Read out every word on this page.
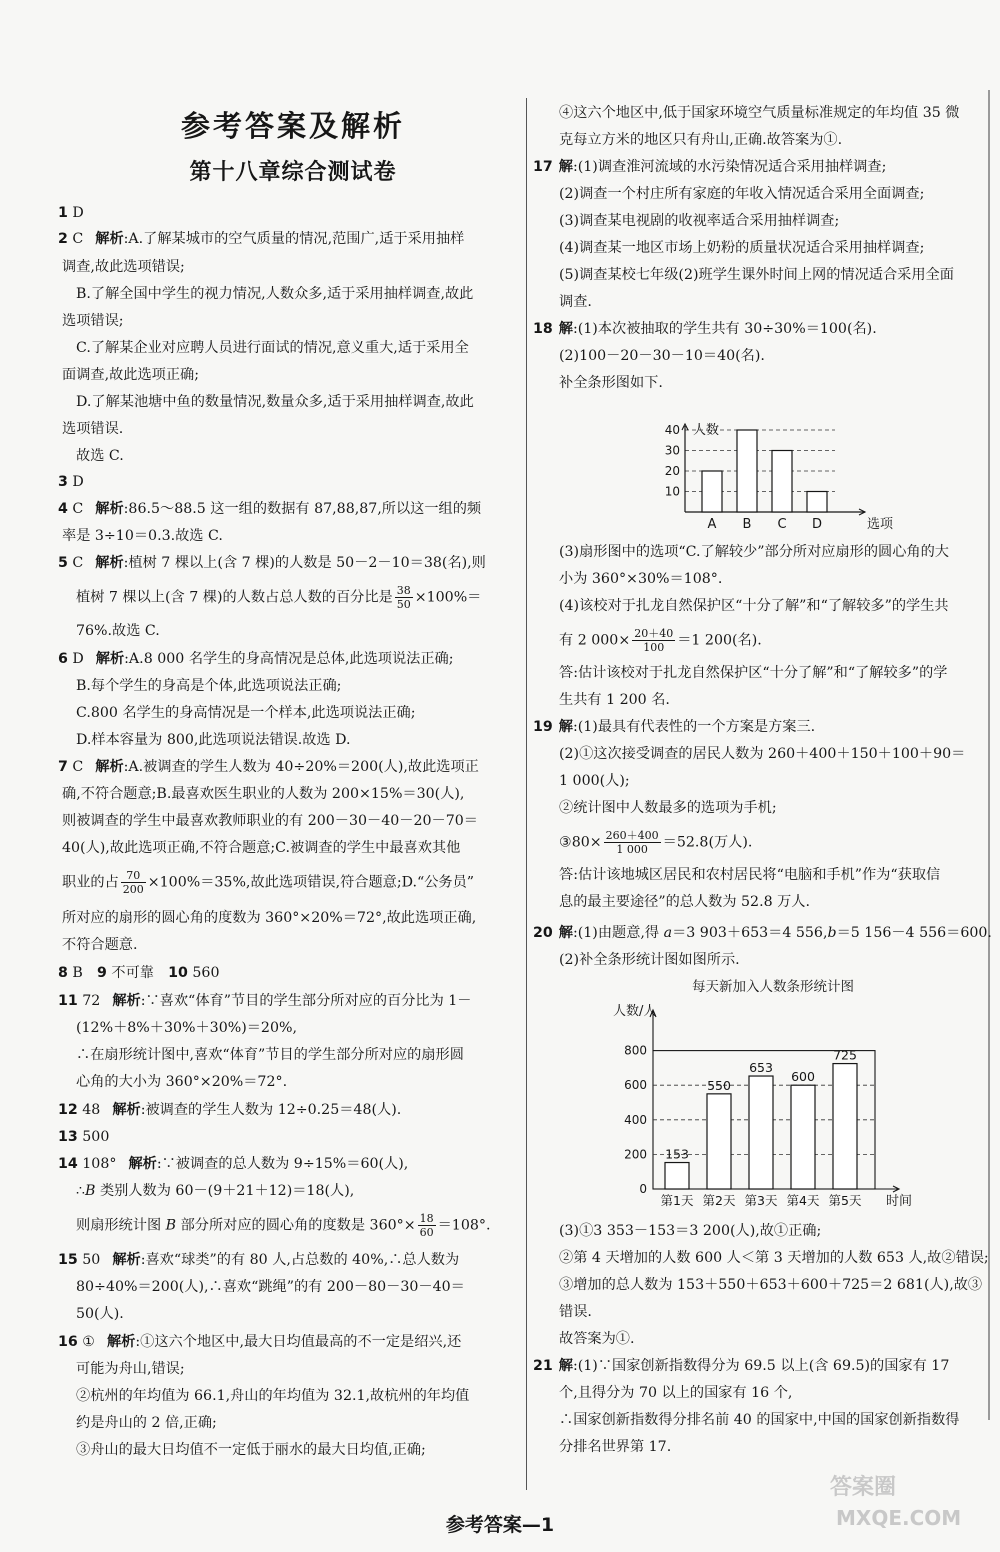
参考答案及解析
第十八章综合测试卷
1 D
2 C 解析:A.了解某城市的空气质量的情况,范围广,适于采用抽样
调查,故此选项错误;
B.了解全国中学生的视力情况,人数众多,适于采用抽样调查,故此
选项错误;
C.了解某企业对应聘人员进行面试的情况,意义重大,适于采用全
面调查,故此选项正确;
D.了解某池塘中鱼的数量情况,数量众多,适于采用抽样调查,故此
选项错误.
故选 C.
3 D
4 C 解析:86.5～88.5 这一组的数据有 87,88,87,所以这一组的频
率是 3÷10＝0.3.故选 C.
5 C 解析:植树 7 棵以上(含 7 棵)的人数是 50－2－10＝38(名),则
植树 7 棵以上(含 7 棵)的人数占总人数的百分比是 $\frac{38}{50} \times 100\%=$
76%.故选 C.
6 D 解析:A.8 000 名学生的身高情况是总体,此选项说法正确;
B.每个学生的身高是个体,此选项说法正确;
C.800 名学生的身高情况是一个样本,此选项说法正确;
D.样本容量为 800,此选项说法错误.故选 D.
7 C 解析:A.被调查的学生人数为 40÷20%＝200(人),故此选项正
确,不符合题意;B.最喜欢医生职业的人数为 200×15%＝30(人),
则被调查的学生中最喜欢教师职业的有 200－30－40－20－70＝
40(人),故此选项正确,不符合题意;C.被调查的学生中最喜欢其他
职业的占 $\frac{70}{200} \times 100\%=35\%$,故此选项错误,符合题意;D.“公务员”
所对应的扇形的圆心角的度数为 360°×20%＝72°,故此选项正确,
不符合题意.
8 B　9 不可靠　10 560
11 72 解析:∵喜欢“体育”节目的学生部分所对应的百分比为 1－
(12%＋8%＋30%＋30%)＝20%,
∴在扇形统计图中,喜欢“体育”节目的学生部分所对应的扇形圆
心角的大小为 360°×20%＝72°.
12 48 解析:被调查的学生人数为 12÷0.25＝48(人).
13 500
14 108° 解析:∵被调查的总人数为 9÷15%＝60(人),
∴B 类别人数为 60－(9＋21＋12)＝18(人),
则扇形统计图 B 部分所对应的圆心角的度数是 $360^\circ\times \frac{18}{60} =108^\circ$.
15 50 解析:喜欢“球类”的有 80 人,占总数的 40%,∴总人数为
80÷40%＝200(人),∴喜欢“跳绳”的有 200－80－30－40＝
50(人).
16 ① 解析:①这六个地区中,最大日均值最高的不一定是绍兴,还
可能为舟山,错误;
②杭州的年均值为 66.1,舟山的年均值为 32.1,故杭州的年均值
约是舟山的 2 倍,正确;
③舟山的最大日均值不一定低于丽水的最大日均值,正确;
④这六个地区中,低于国家环境空气质量标准规定的年均值 35 微
克每立方米的地区只有舟山,正确.故答案为①.
17 解:(1)调查淮河流域的水污染情况适合采用抽样调查;
(2)调查一个村庄所有家庭的年收入情况适合采用全面调查;
(3)调查某电视剧的收视率适合采用抽样调查;
(4)调查某一地区市场上奶粉的质量状况适合采用抽样调查;
(5)调查某校七年级(2)班学生课外时间上网的情况适合采用全面
调查.
18 解:(1)本次被抽取的学生共有 30÷30%＝100(名).
(2)100－20－30－10＝40(名).
补全条形图如下.
10
20
30
40 人数
选项
A B C D
(3)扇形图中的选项“C.了解较少”部分所对应扇形的圆心角的大
小为 360°×30%＝108°.
(4)该校对于扎龙自然保护区“十分了解”和“了解较多”的学生共
有 2 $000\times \frac{20+40}{100} =1$ 200(名).
答:估计该校对于扎龙自然保护区“十分了解”和“了解较多”的学
生共有 1 200 名.
19 解:(1)最具有代表性的一个方案是方案三.
(2)①这次接受调查的居民人数为 260＋400＋150＋100＋90＝
1 000(人);
②统计图中人数最多的选项为手机;
③80× $\frac{260+400}{1 000} =52.8$(万人).
答:估计该地城区居民和农村居民将“电脑和手机”作为“获取信
息的最主要途径”的总人数为 52.8 万人.
20 解:(1)由题意,得 a＝3 903＋653＝4 556,b＝5 156－4 556＝600.
(2)补全条形统计图如图所示.
每天新加入人数条形统计图
人数/人
0
200
400
600
800
时间
153
第1天
550
第2天
653
第3天
600
第4天
725
第5天
(3)①3 353－153＝3 200(人),故①正确;
②第 4 天增加的人数 600 人＜第 3 天增加的人数 653 人,故②错误;
③增加的总人数为 153＋550＋653＋600＋725＝2 681(人),故③
错误.
故答案为①.
21 解:(1)∵国家创新指数得分为 69.5 以上(含 69.5)的国家有 17
个,且得分为 70 以上的国家有 16 个,
∴国家创新指数得分排名前 40 的国家中,中国的国家创新指数得
分排名世界第 17.
参考答案—1
答案圈
MXQE.COM
